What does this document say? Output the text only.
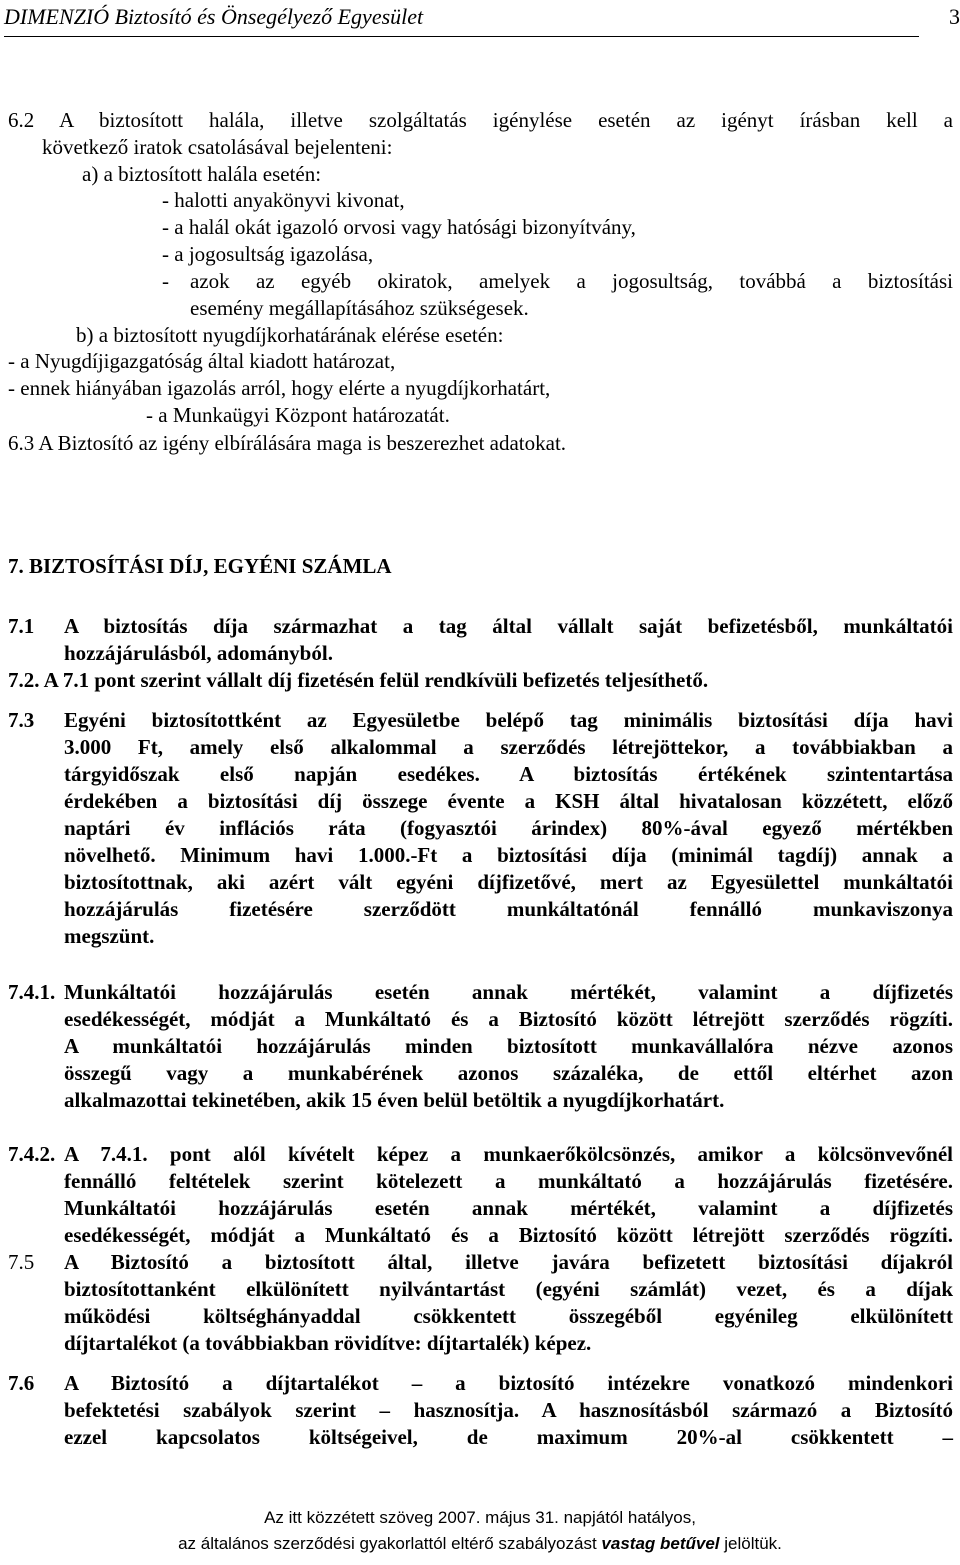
DIMENZIÓ Biztosító és Önsegélyező Egyesület	3
6.2 A biztosított halála, illetve szolgáltatás igénylése esetén az igényt írásban kell a
következő iratok csatolásával bejelenteni:
a) a biztosított halála esetén:
- halotti anyakönyvi kivonat,
- a halál okát igazoló orvosi vagy hatósági bizonyítvány,
- a jogosultság igazolása,
- azok az egyéb okiratok, amelyek a jogosultság, továbbá a biztosítási
esemény megállapításához szükségesek.
b) a biztosított nyugdíjkorhatárának elérése esetén:
- a Nyugdíjigazgatóság által kiadott határozat,
- ennek hiányában igazolás arról, hogy elérte a nyugdíjkorhatárt,
- a Munkaügyi Központ határozatát.
6.3 A Biztosító az igény elbírálására maga is beszerezhet adatokat.
7. BIZTOSÍTÁSI DÍJ, EGYÉNI SZÁMLA
7.1 A biztosítás díja származhat a tag által vállalt saját befizetésből, munkáltatói
hozzájárulásból, adományból.
7.2. A 7.1 pont szerint vállalt díj fizetésén felül rendkívüli befizetés teljesíthető.
7.3 Egyéni biztosítottként az Egyesületbe belépő tag minimális biztosítási díja havi
3.000 Ft, amely első alkalommal a szerződés létrejöttekor, a továbbiakban a
tárgyidőszak első napján esedékes. A biztosítás értékének szintentartása
érdekében a biztosítási díj összege évente a KSH által hivatalosan közzétett, előző
naptári év inflációs ráta (fogyasztói árindex) 80%-ával egyező mértékben
növelhető. Minimum havi 1.000.-Ft a biztosítási díja (minimál tagdíj) annak a
biztosítottnak, aki azért vált egyéni díjfizetővé, mert az Egyesülettel munkáltatói
hozzájárulás fizetésére szerződött munkáltatónál fennálló munkaviszonya
megszünt.
7.4.1. Munkáltatói hozzájárulás esetén annak mértékét, valamint a díjfizetés
esedékességét, módját a Munkáltató és a Biztosító között létrejött szerződés rögzíti.
A munkáltatói hozzájárulás minden biztosított munkavállalóra nézve azonos
összegű vagy a munkabérének azonos százaléka, de ettől eltérhet azon
alkalmazottai tekinetében, akik 15 éven belül betöltik a nyugdíjkorhatárt.
7.4.2. A 7.4.1. pont alól kívételt képez a munkaerőkölcsönzés, amikor a kölcsönvevőnél
fennálló feltételek szerint kötelezett a munkáltató a hozzájárulás fizetésére.
Munkáltatói hozzájárulás esetén annak mértékét, valamint a díjfizetés
esedékességét, módját a Munkáltató és a Biztosító között létrejött szerződés rögzíti.
7.5 A Biztosító a biztosított által, illetve javára befizetett biztosítási díjakról
biztosítottanként elkülönített nyilvántartást (egyéni számlát) vezet, és a díjak
működési költséghányaddal csökkentett összegéből egyénileg elkülönített
díjtartalékot (a továbbiakban rövidítve: díjtartalék) képez.
7.6 A Biztosító a díjtartalékot – a biztosító intézekre vonatkozó mindenkori
befektetési szabályok szerint – hasznosítja. A hasznosításból származó a Biztosító
ezzel kapcsolatos költségeivel, de maximum 20%-al csökkentett –
Az itt közzétett szöveg 2007. május 31. napjától hatályos,
az általános szerződési gyakorlattól eltérő szabályozást vastag betűvel jelöltük.
